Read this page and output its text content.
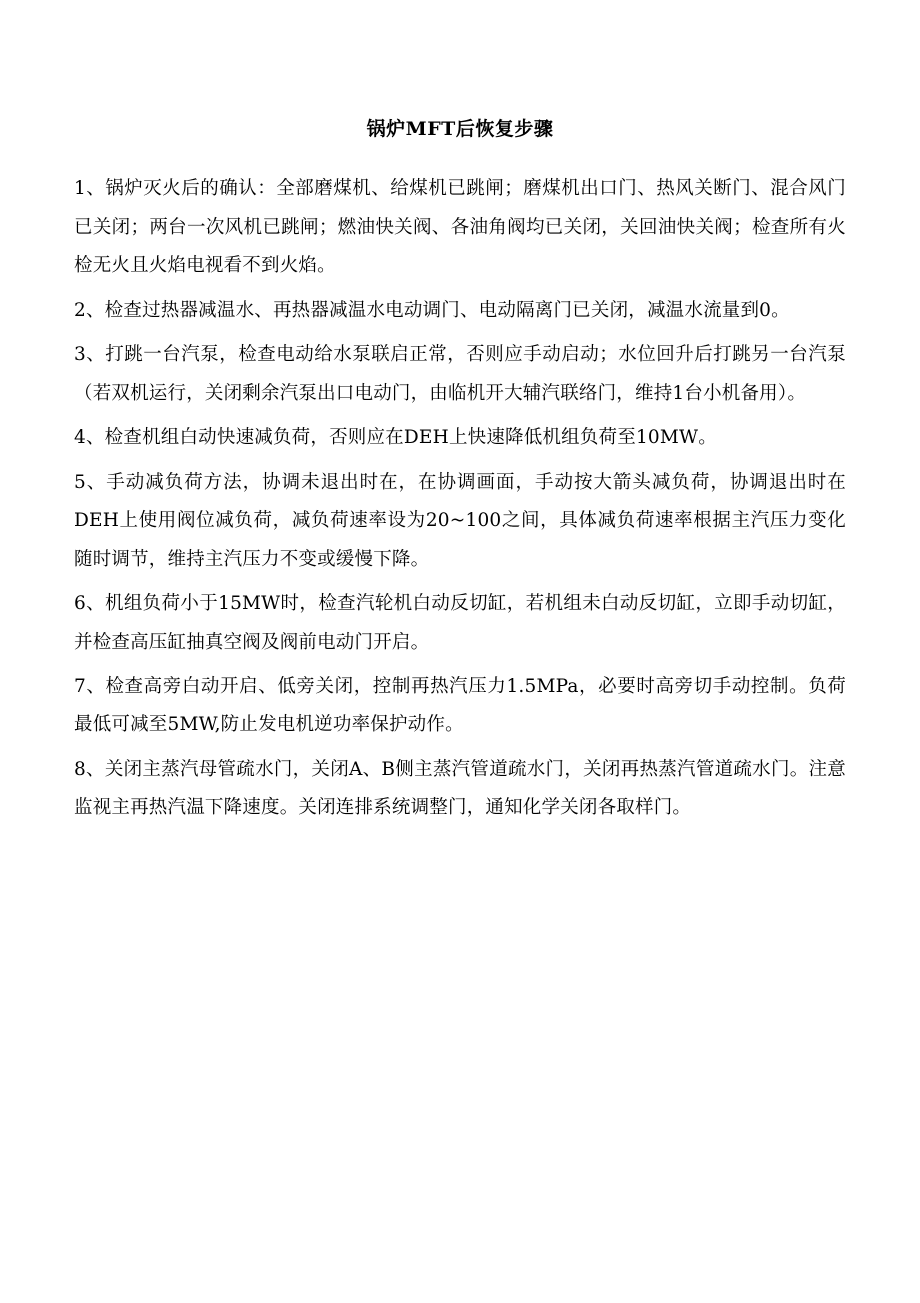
锅炉MFT后恢复步骤

1、锅炉灭火后的确认：全部磨煤机、给煤机已跳闸；磨煤机出口门、热风关断门、混合风门已关闭；两台一次风机已跳闸；燃油快关阀、各油角阀均已关闭，关回油快关阀；检查所有火检无火且火焰电视看不到火焰。

2、检查过热器减温水、再热器减温水电动调门、电动隔离门已关闭，减温水流量到0。

3、打跳一台汽泵，检查电动给水泵联启正常，否则应手动启动；水位回升后打跳另一台汽泵（若双机运行，关闭剩余汽泵出口电动门，由临机开大辅汽联络门，维持1台小机备用）。

4、检查机组白动快速减负荷，否则应在DEH上快速降低机组负荷至10MW。

5、手动减负荷方法，协调未退出时在，在协调画面，手动按大箭头减负荷，协调退出时在DEH上使用阀位减负荷，减负荷速率设为20~100之间，具体减负荷速率根据主汽压力变化随时调节，维持主汽压力不变或缓慢下降。

6、机组负荷小于15MW时，检查汽轮机白动反切缸，若机组未白动反切缸，立即手动切缸，并检查高压缸抽真空阀及阀前电动门开启。

7、检查高旁白动开启、低旁关闭，控制再热汽压力1.5MPa，必要时高旁切手动控制。负荷最低可减至5MW,防止发电机逆功率保护动作。

8、关闭主蒸汽母管疏水门，关闭A、B侧主蒸汽管道疏水门，关闭再热蒸汽管道疏水门。注意监视主再热汽温下降速度。关闭连排系统调整门，通知化学关闭各取样门。
